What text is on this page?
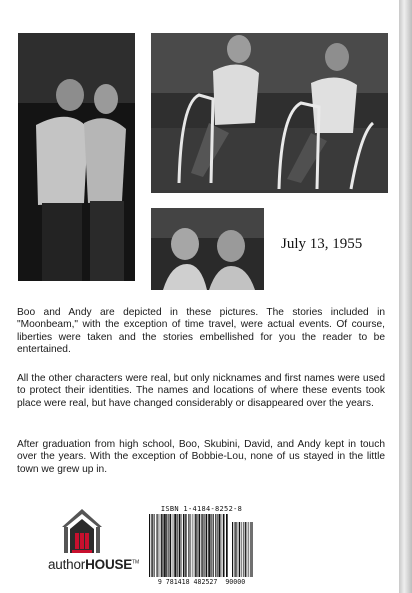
July 13, 1955

Boo and Andy are depicted in these pictures. The stories included in "Moonbeam," with the exception of time travel, were actual events. Of course, liberties were taken and the stories embellished for you the reader to be entertained.

All the other characters were real, but only nicknames and first names were used to protect their identities. The names and locations of where these events took place were real, but have changed considerably or disappeared over the years.

After graduation from high school, Boo, Skubini, David, and Andy kept in touch over the years. With the exception of Bobbie-Lou, none of us stayed in the little town we grew up in.

authorHOUSE™
ISBN 1-4184-8252-8
9 781418 482527 90000
